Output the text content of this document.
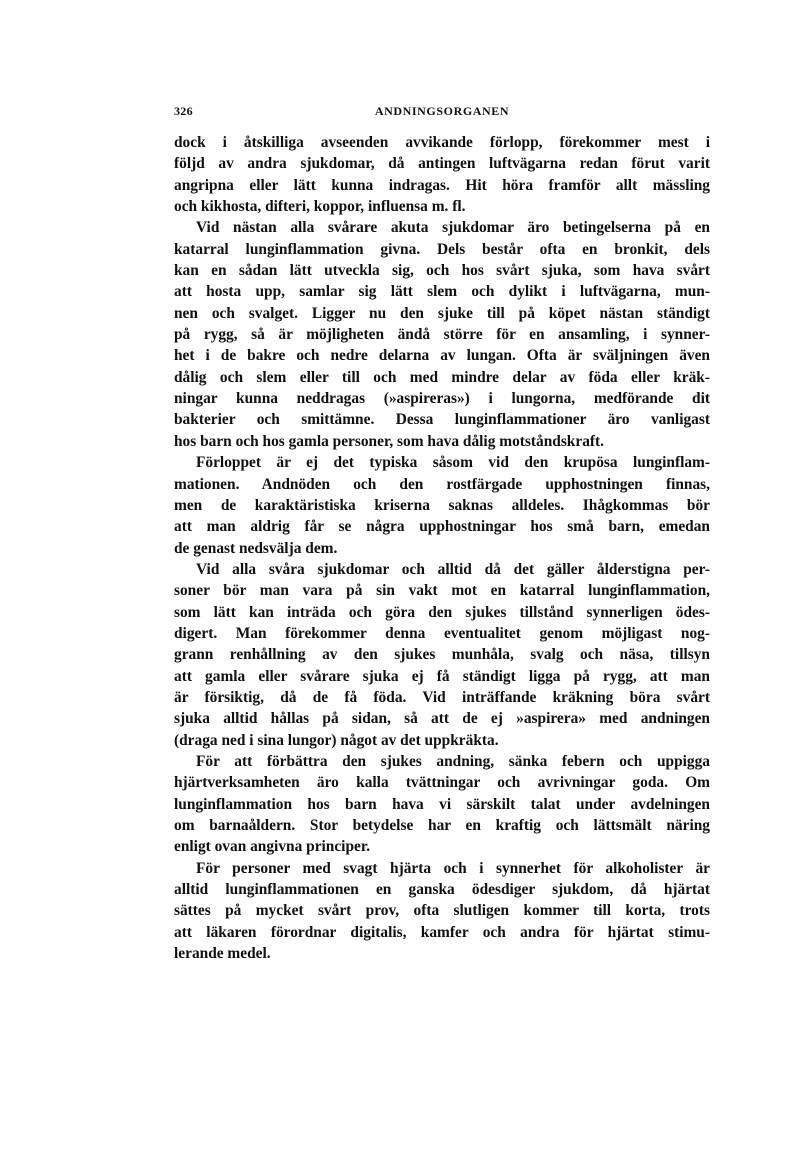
326	ANDNINGSORGANEN
dock i åtskilliga avseenden avvikande förlopp, förekommer mest i
följd av andra sjukdomar, då antingen luftvägarna redan förut varit
angripna eller lätt kunna indragas. Hit höra framför allt mässling
och kikhosta, difteri, koppor, influensa m. fl.
Vid nästan alla svårare akuta sjukdomar äro betingelserna på en
katarral lunginflammation givna. Dels består ofta en bronkit, dels
kan en sådan lätt utveckla sig, och hos svårt sjuka, som hava svårt
att hosta upp, samlar sig lätt slem och dylikt i luftvägarna, mun-
nen och svalget. Ligger nu den sjuke till på köpet nästan ständigt
på rygg, så är möjligheten ändå större för en ansamling, i synner-
het i de bakre och nedre delarna av lungan. Ofta är sväljningen även
dålig och slem eller till och med mindre delar av föda eller kräk-
ningar kunna neddragas (»aspireras») i lungorna, medförande dit
bakterier och smittämne. Dessa lunginflammationer äro vanligast
hos barn och hos gamla personer, som hava dålig motståndskraft.
Förloppet är ej det typiska såsom vid den krupösa lunginflam-
mationen. Andnöden och den rostfärgade upphostningen finnas,
men de karaktäristiska kriserna saknas alldeles. Ihågkommas bör
att man aldrig får se några upphostningar hos små barn, emedan
de genast nedsvälja dem.
Vid alla svåra sjukdomar och alltid då det gäller ålderstigna per-
soner bör man vara på sin vakt mot en katarral lunginflammation,
som lätt kan inträda och göra den sjukes tillstånd synnerligen ödes-
digert. Man förekommer denna eventualitet genom möjligast nog-
grann renhållning av den sjukes munhåla, svalg och näsa, tillsyn
att gamla eller svårare sjuka ej få ständigt ligga på rygg, att man
är försiktig, då de få föda. Vid inträffande kräkning böra svårt
sjuka alltid hållas på sidan, så att de ej »aspirera» med andningen
(draga ned i sina lungor) något av det uppkräkta.
För att förbättra den sjukes andning, sänka febern och uppigga
hjärtverksamheten äro kalla tvättningar och avrivningar goda. Om
lunginflammation hos barn hava vi särskilt talat under avdelningen
om barnaåldern. Stor betydelse har en kraftig och lättsmält näring
enligt ovan angivna principer.
För personer med svagt hjärta och i synnerhet för alkoholister är
alltid lunginflammationen en ganska ödesdiger sjukdom, då hjärtat
sättes på mycket svårt prov, ofta slutligen kommer till korta, trots
att läkaren förordnar digitalis, kamfer och andra för hjärtat stimu-
lerande medel.
